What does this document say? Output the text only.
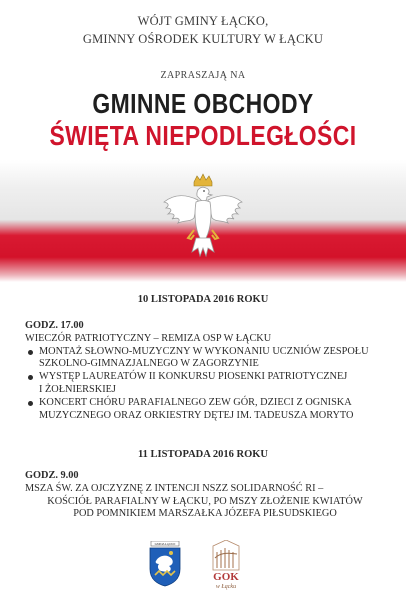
WÓJT GMINY ŁĄCKO,
GMINNY OŚRODEK KULTURY W ŁĄCKU
ZAPRASZAJĄ NA
GMINNE OBCHODY
ŚWIĘTA NIEPODLEGŁOŚCI
10 LISTOPADA 2016 ROKU
GODZ. 17.00
WIECZÓR PATRIOTYCZNY – REMIZA OSP W ŁĄCKU
MONTAŻ SŁOWNO-MUZYCZNY W WYKONANIU UCZNIÓW ZESPOŁU
SZKOLNO-GIMNAZJALNEGO W ZAGORZYNIE
WYSTĘP LAUREATÓW II KONKURSU PIOSENKI PATRIOTYCZNEJ
I ŻOŁNIERSKIEJ
KONCERT CHÓRU PARAFIALNEGO ZEW GÓR, DZIECI Z OGNISKA
MUZYCZNEGO ORAZ ORKIESTRY DĘTEJ IM. TADEUSZA MORYTO
11 LISTOPADA 2016 ROKU
GODZ. 9.00
MSZA ŚW. ZA OJCZYZNĘ Z INTENCJI NSZZ SOLIDARNOŚĆ RI –
KOŚCIÓŁ PARAFIALNY W ŁĄCKU, PO MSZY ZŁOŻENIE KWIATÓW
POD POMNIKIEM MARSZAŁKA JÓZEFA PIŁSUDSKIEGO
GMINA ŁĄCKO
GOK
w Łącku
